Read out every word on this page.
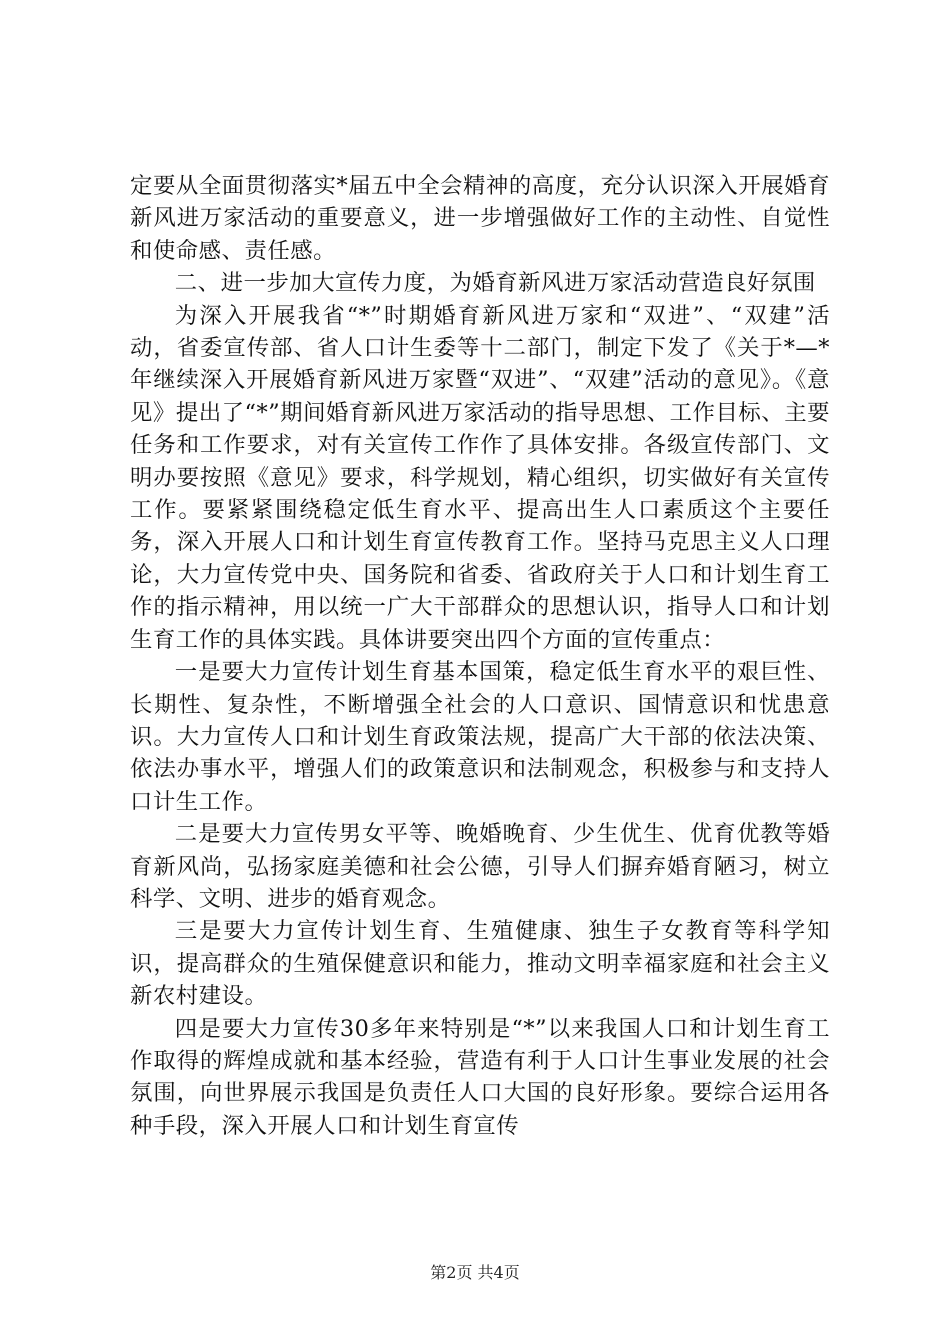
定要从全面贯彻落实*届五中全会精神的高度，充分认识深入开展婚育新风进万家活动的重要意义，进一步增强做好工作的主动性、自觉性和使命感、责任感。

二、进一步加大宣传力度，为婚育新风进万家活动营造良好氛围

为深入开展我省“*”时期婚育新风进万家和“双进”、“双建”活动，省委宣传部、省人口计生委等十二部门，制定下发了《关于*—*年继续深入开展婚育新风进万家暨“双进”、“双建”活动的意见》。《意见》提出了“*”期间婚育新风进万家活动的指导思想、工作目标、主要任务和工作要求，对有关宣传工作作了具体安排。各级宣传部门、文明办要按照《意见》要求，科学规划，精心组织，切实做好有关宣传工作。要紧紧围绕稳定低生育水平、提高出生人口素质这个主要任务，深入开展人口和计划生育宣传教育工作。坚持马克思主义人口理论，大力宣传党中央、国务院和省委、省政府关于人口和计划生育工作的指示精神，用以统一广大干部群众的思想认识，指导人口和计划生育工作的具体实践。具体讲要突出四个方面的宣传重点：

一是要大力宣传计划生育基本国策，稳定低生育水平的艰巨性、长期性、复杂性，不断增强全社会的人口意识、国情意识和忧患意识。大力宣传人口和计划生育政策法规，提高广大干部的依法决策、依法办事水平，增强人们的政策意识和法制观念，积极参与和支持人口计生工作。

二是要大力宣传男女平等、晚婚晚育、少生优生、优育优教等婚育新风尚，弘扬家庭美德和社会公德，引导人们摒弃婚育陋习，树立科学、文明、进步的婚育观念。

三是要大力宣传计划生育、生殖健康、独生子女教育等科学知识，提高群众的生殖保健意识和能力，推动文明幸福家庭和社会主义新农村建设。

四是要大力宣传30多年来特别是“*”以来我国人口和计划生育工作取得的辉煌成就和基本经验，营造有利于人口计生事业发展的社会氛围，向世界展示我国是负责任人口大国的良好形象。要综合运用各种手段，深入开展人口和计划生育宣传

第2页 共4页
